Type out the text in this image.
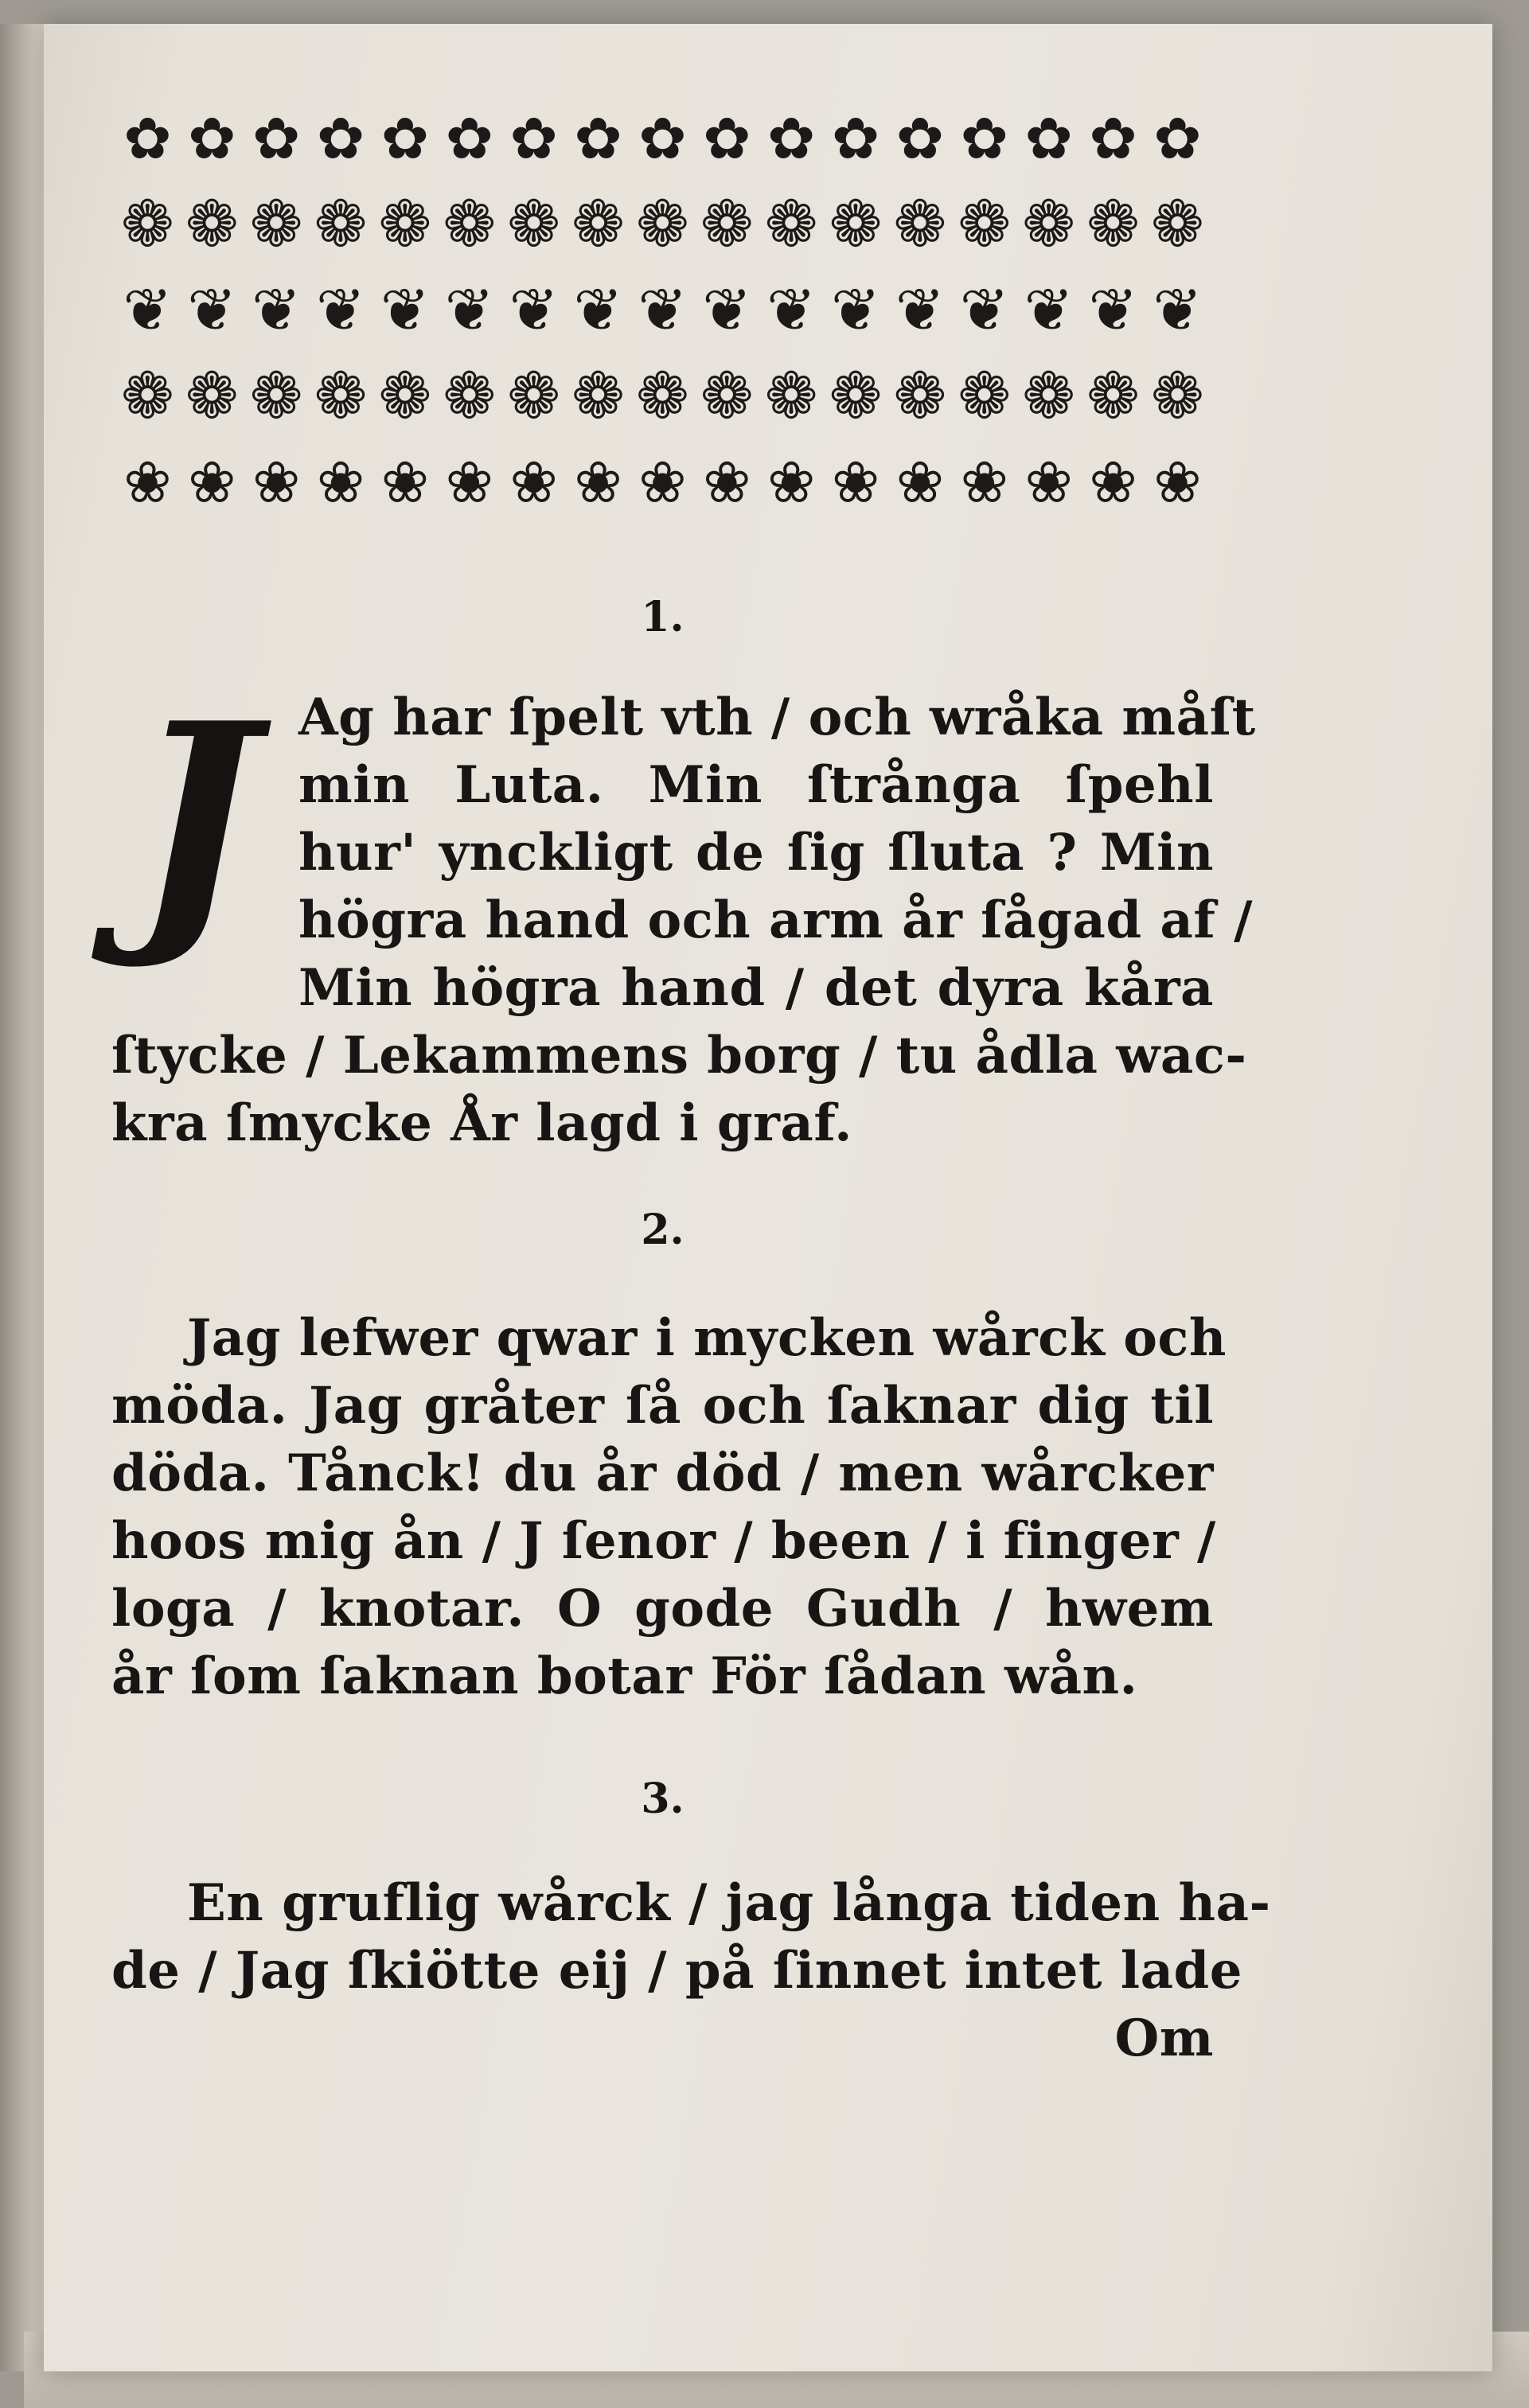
✿ ✿ ✿ ✿ ✿ ✿ ✿ ✿ ✿ ✿ ✿ ✿ ✿ ✿ ✿ ✿ ✿
❁ ❁ ❁ ❁ ❁ ❁ ❁ ❁ ❁ ❁ ❁ ❁ ❁ ❁ ❁ ❁ ❁
❦ ❦ ❦ ❦ ❦ ❦ ❦ ❦ ❦ ❦ ❦ ❦ ❦ ❦ ❦ ❦ ❦
❁ ❁ ❁ ❁ ❁ ❁ ❁ ❁ ❁ ❁ ❁ ❁ ❁ ❁ ❁ ❁ ❁
❀ ❀ ❀ ❀ ❀ ❀ ❀ ❀ ❀ ❀ ❀ ❀ ❀ ❀ ❀ ❀ ❀
1.
J Ag har ſpelt vth / och wråka måſt
min Luta. Min ſtrånga ſpehl
hur' ynckligt de ſig ſluta ? Min
högra hand och arm år ſågad af /
Min högra hand / det dyra kåra
ſtycke / Lekammens borg / tu ådla wac-
kra ſmycke År lagd i graf.
2.
Jag lefwer qwar i mycken wårck och
möda. Jag gråter ſå och ſaknar dig til
döda. Tånck! du år död / men wårcker
hoos mig ån / J ſenor / been / i finger /
loga / knotar. O gode Gudh / hwem
år ſom ſaknan botar För ſådan wån.
3.
En gruflig wårck / jag långa tiden ha-
de / Jag ſkiötte eij / på ſinnet intet lade
Om
